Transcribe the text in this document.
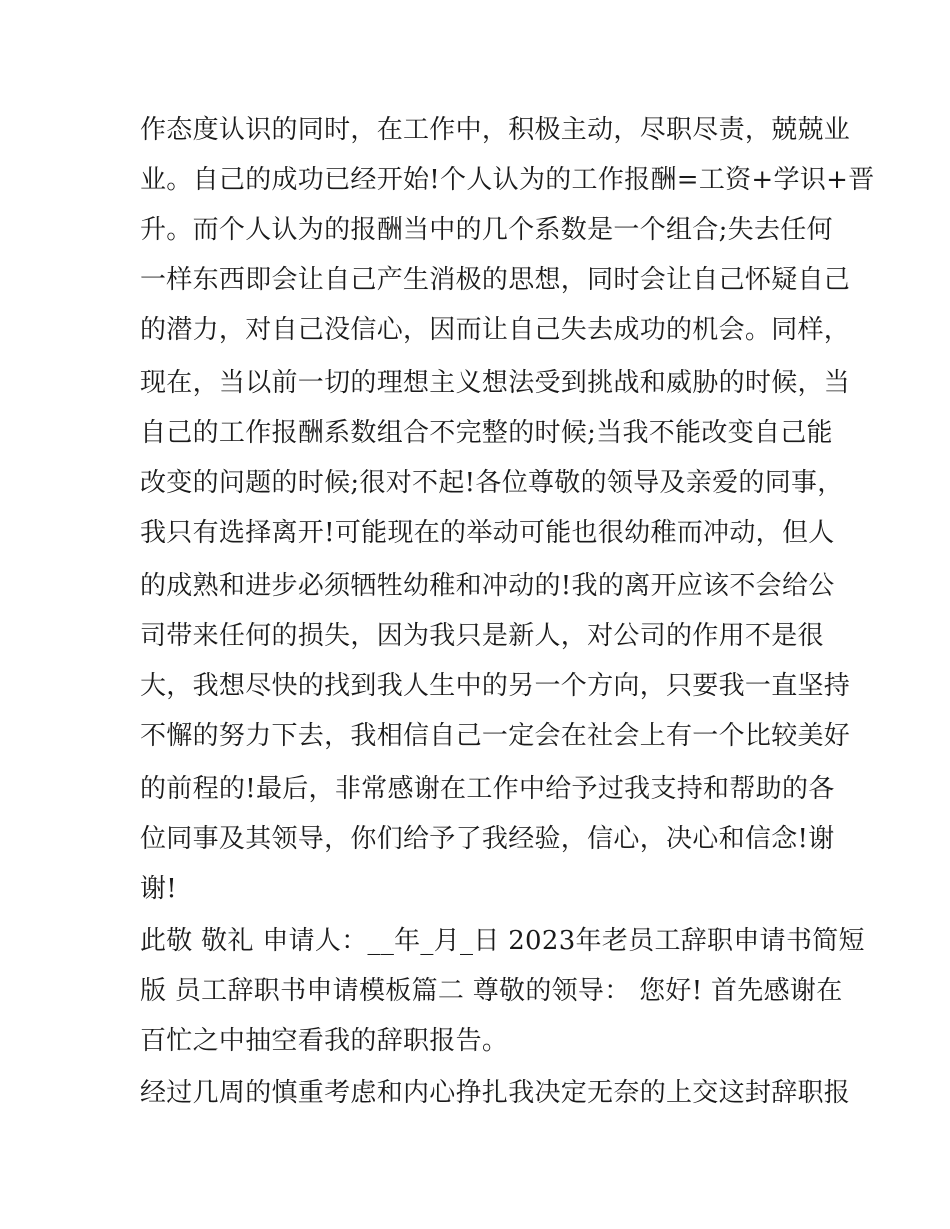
作态度认识的同时，在工作中，积极主动，尽职尽责，兢兢业
业。自己的成功已经开始!个人认为的工作报酬=工资+学识+晋
升。而个人认为的报酬当中的几个系数是一个组合;失去任何
一样东西即会让自己产生消极的思想，同时会让自己怀疑自己
的潜力，对自己没信心，因而让自己失去成功的机会。同样，
现在，当以前一切的理想主义想法受到挑战和威胁的时候，当
自己的工作报酬系数组合不完整的时候;当我不能改变自己能
改变的问题的时候;很对不起!各位尊敬的领导及亲爱的同事，
我只有选择离开!可能现在的举动可能也很幼稚而冲动，但人
的成熟和进步必须牺牲幼稚和冲动的!我的离开应该不会给公
司带来任何的损失，因为我只是新人，对公司的作用不是很
大，我想尽快的找到我人生中的另一个方向，只要我一直坚持
不懈的努力下去，我相信自己一定会在社会上有一个比较美好
的前程的!最后，非常感谢在工作中给予过我支持和帮助的各
位同事及其领导，你们给予了我经验，信心，决心和信念!谢
谢!
此敬 敬礼 申请人：__年_月_日 2023年老员工辞职申请书简短
版 员工辞职书申请模板篇二 尊敬的领导： 您好! 首先感谢在
百忙之中抽空看我的辞职报告。
经过几周的慎重考虑和内心挣扎我决定无奈的上交这封辞职报
